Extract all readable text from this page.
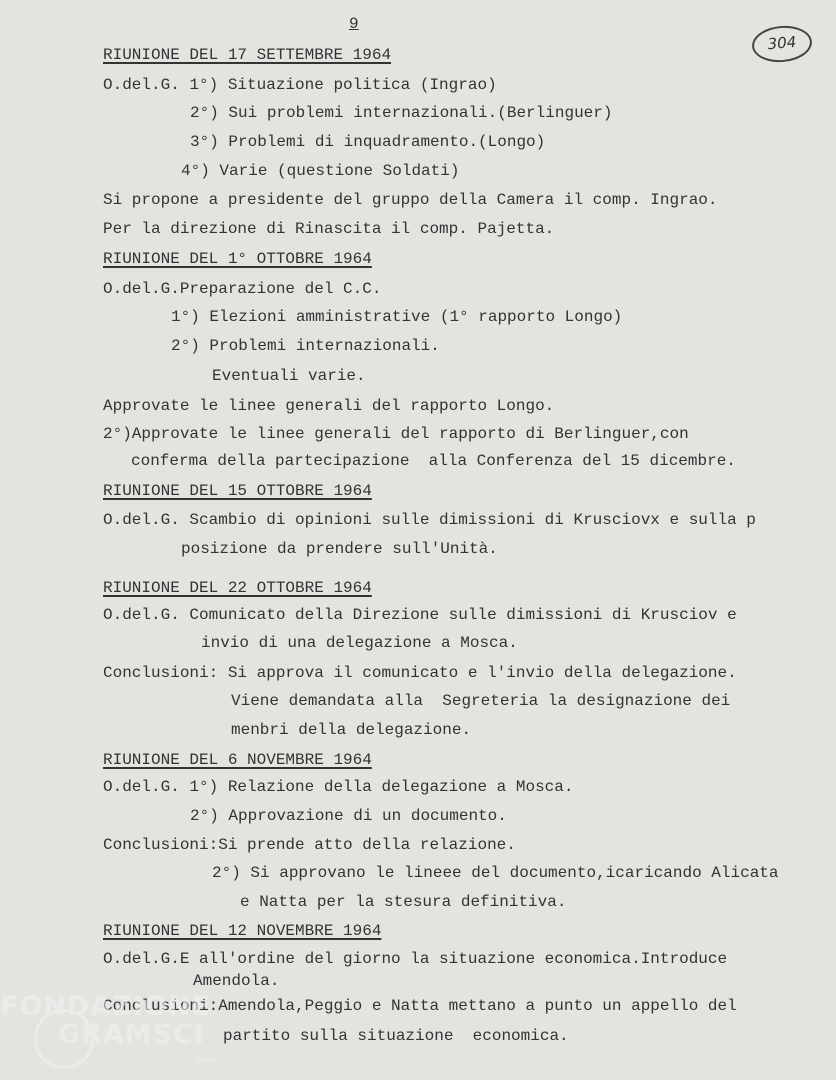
9
304
RIUNIONE DEL 17 SETTEMBRE 1964
O.del.G. 1°) Situazione politica (Ingrao)
2°) Sui problemi internazionali.(Berlinguer)
3°) Problemi di inquadramento.(Longo)
4°) Varie (questione Soldati)
Si propone a presidente del gruppo della Camera il comp. Ingrao.
Per la direzione di Rinascita il comp. Pajetta.
RIUNIONE DEL 1° OTTOBRE 1964
O.del.G.Preparazione del C.C.
1°) Elezioni amministrative (1° rapporto Longo)
2°) Problemi internazionali.
Eventuali varie.
Approvate le linee generali del rapporto Longo.
2°)Approvate le linee generali del rapporto di Berlinguer,con
conferma della partecipazione  alla Conferenza del 15 dicembre.
RIUNIONE DEL 15 OTTOBRE 1964
O.del.G. Scambio di opinioni sulle dimissioni di Krusciovx e sulla p
posizione da prendere sull'Unità.
RIUNIONE DEL 22 OTTOBRE 1964
O.del.G. Comunicato della Direzione sulle dimissioni di Krusciov e
invio di una delegazione a Mosca.
Conclusioni: Si approva il comunicato e l'invio della delegazione.
Viene demandata alla  Segreteria la designazione dei
menbri della delegazione.
RIUNIONE DEL 6 NOVEMBRE 1964
O.del.G. 1°) Relazione della delegazione a Mosca.
2°) Approvazione di un documento.
Conclusioni:Si prende atto della relazione.
2°) Si approvano le lineee del documento,icaricando Alicata
e Natta per la stesura definitiva.
RIUNIONE DEL 12 NOVEMBRE 1964
O.del.G.E all'ordine del giorno la situazione economica.Introduce
Amendola.
Conclusioni:Amendola,Peggio e Natta mettano a punto un appello del
partito sulla situazione  economica.
FONDAZIONE
GRAMSCI
onlus
